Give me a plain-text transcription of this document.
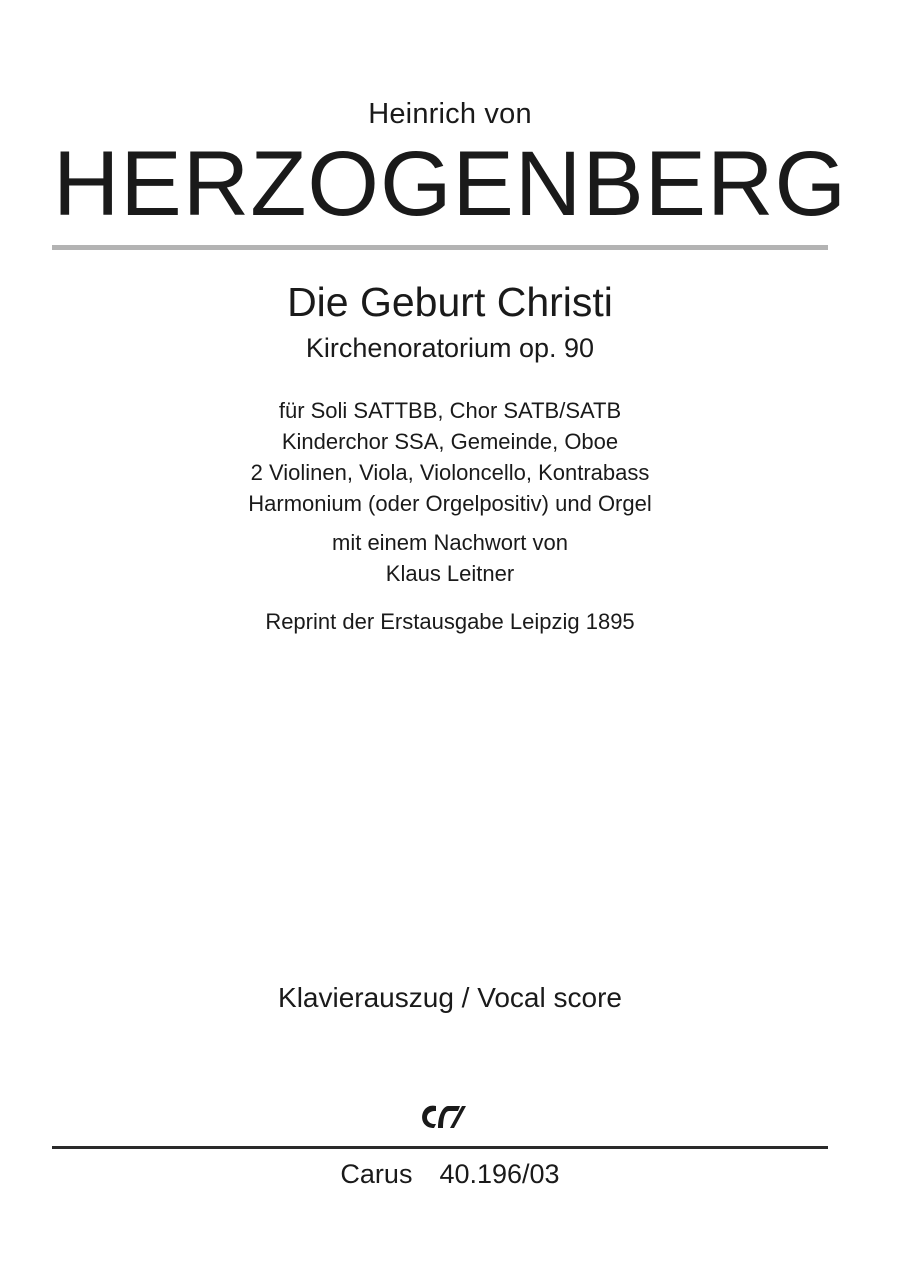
Heinrich von
HERZOGENBERG
Die Geburt Christi
Kirchenoratorium op. 90
für Soli SATTBB, Chor SATB/SATB
Kinderchor SSA, Gemeinde, Oboe
2 Violinen, Viola, Violoncello, Kontrabass
Harmonium (oder Orgelpositiv) und Orgel
mit einem Nachwort von
Klaus Leitner
Reprint der Erstausgabe Leipzig 1895
Klavierauszug / Vocal score
Carus  40.196/03
